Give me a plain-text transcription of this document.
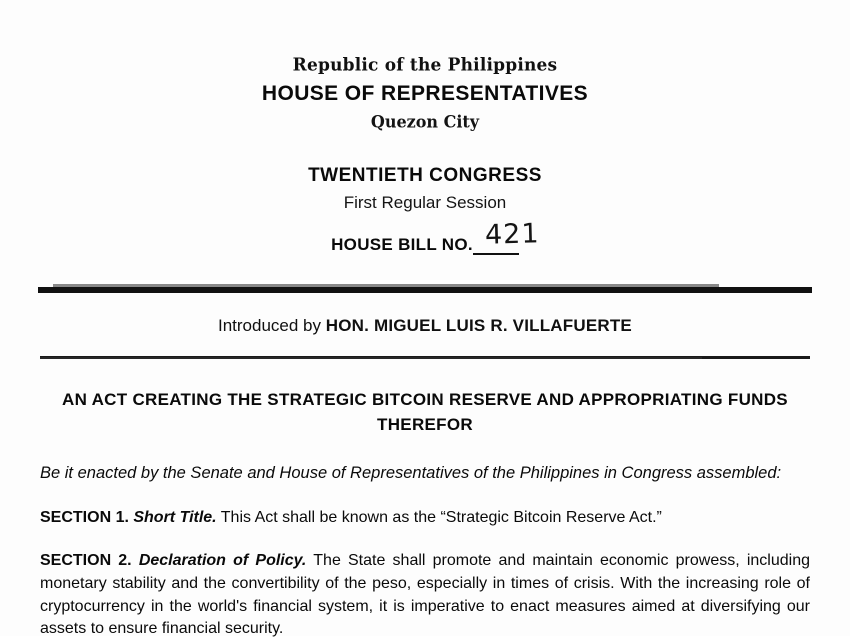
Republic of the Philippines
HOUSE OF REPRESENTATIVES
Quezon City
TWENTIETH CONGRESS
First Regular Session
HOUSE BILL NO. 421
Introduced by HON. MIGUEL LUIS R. VILLAFUERTE
AN ACT CREATING THE STRATEGIC BITCOIN RESERVE AND APPROPRIATING FUNDS THEREFOR
Be it enacted by the Senate and House of Representatives of the Philippines in Congress assembled:
SECTION 1. Short Title. This Act shall be known as the “Strategic Bitcoin Reserve Act.”
SECTION 2. Declaration of Policy. The State shall promote and maintain economic prowess, including monetary stability and the convertibility of the peso, especially in times of crisis. With the increasing role of cryptocurrency in the world's financial system, it is imperative to enact measures aimed at diversifying our assets to ensure financial security.
